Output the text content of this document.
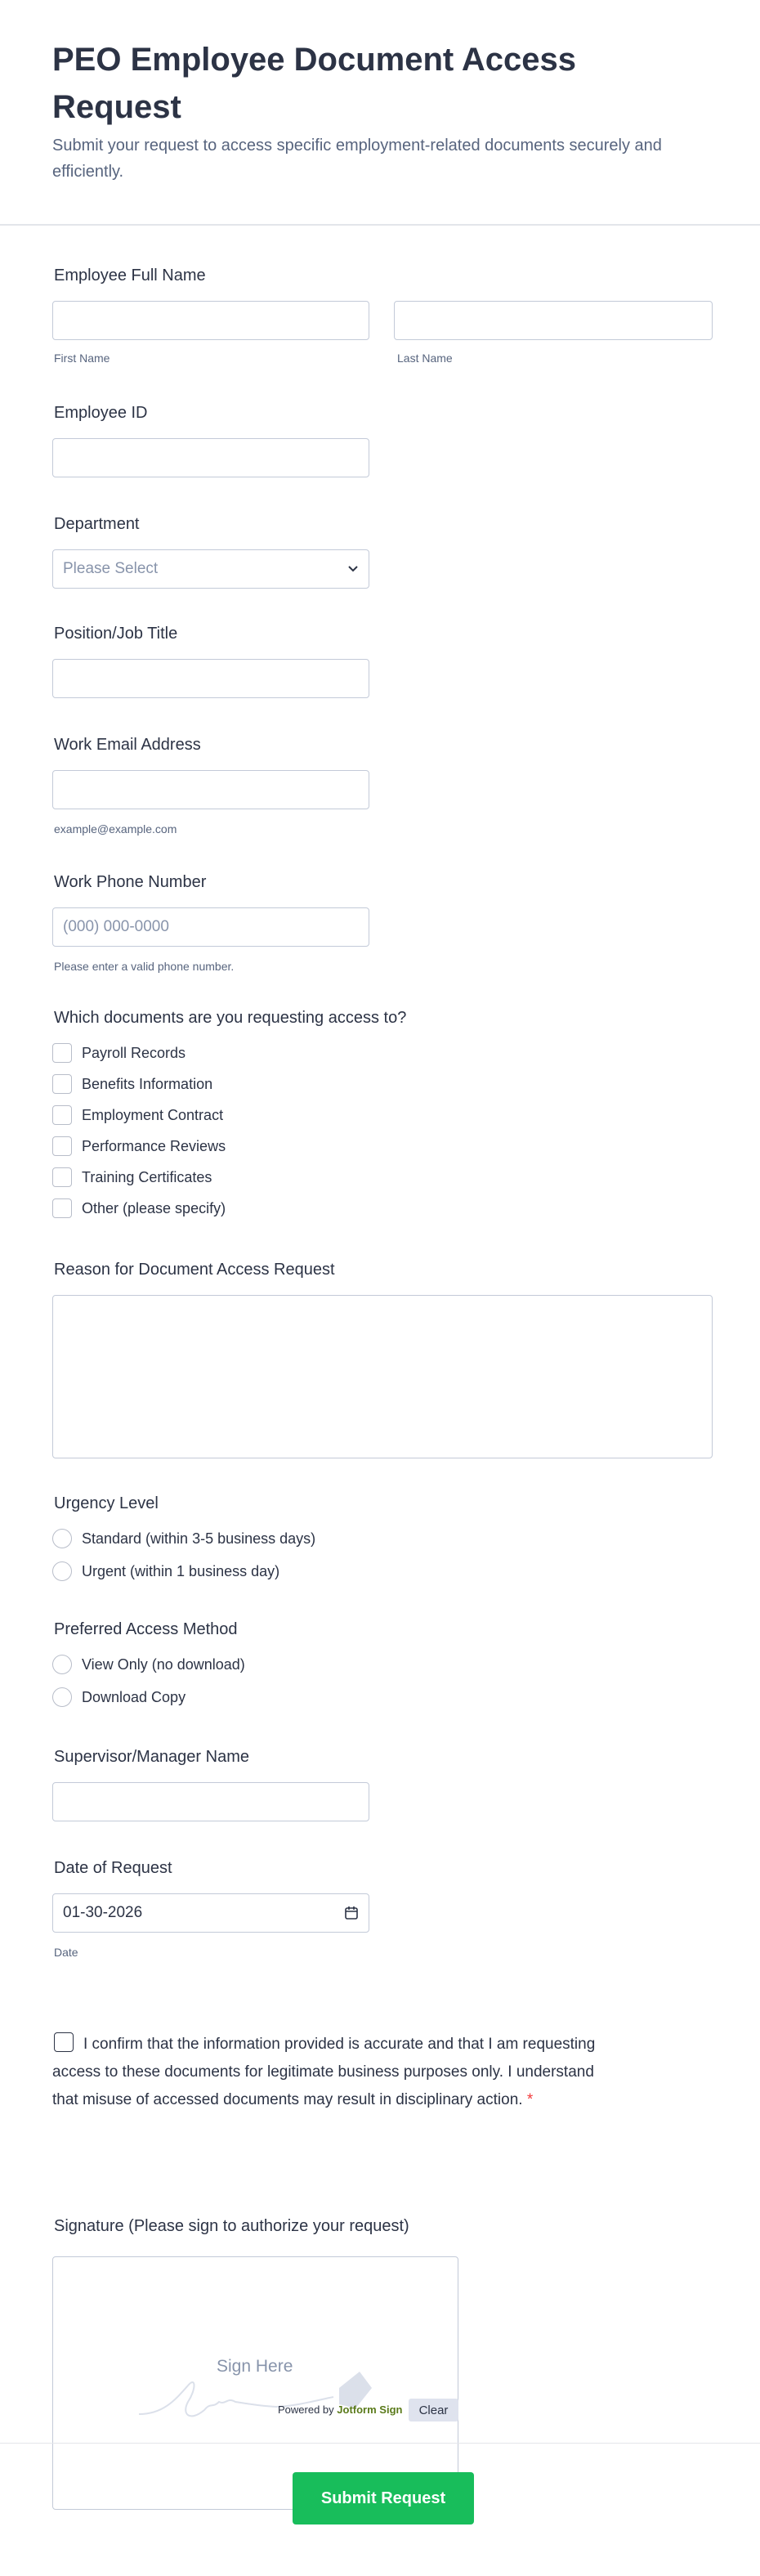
PEO Employee Document Access Request
Submit your request to access specific employment-related documents securely and efficiently.
Employee Full Name
First Name	Last Name
Employee ID
Department
Please Select
Position/Job Title
Work Email Address
example@example.com
Work Phone Number
(000) 000-0000
Please enter a valid phone number.
Which documents are you requesting access to?
Payroll Records
Benefits Information
Employment Contract
Performance Reviews
Training Certificates
Other (please specify)
Reason for Document Access Request
Urgency Level
Standard (within 3-5 business days)
Urgent (within 1 business day)
Preferred Access Method
View Only (no download)
Download Copy
Supervisor/Manager Name
Date of Request
01-30-2026
Date
I confirm that the information provided is accurate and that I am requesting access to these documents for legitimate business purposes only. I understand that misuse of accessed documents may result in disciplinary action. *
Signature (Please sign to authorize your request)
Sign Here
Powered by Jotform Sign	Clear
Submit Request
